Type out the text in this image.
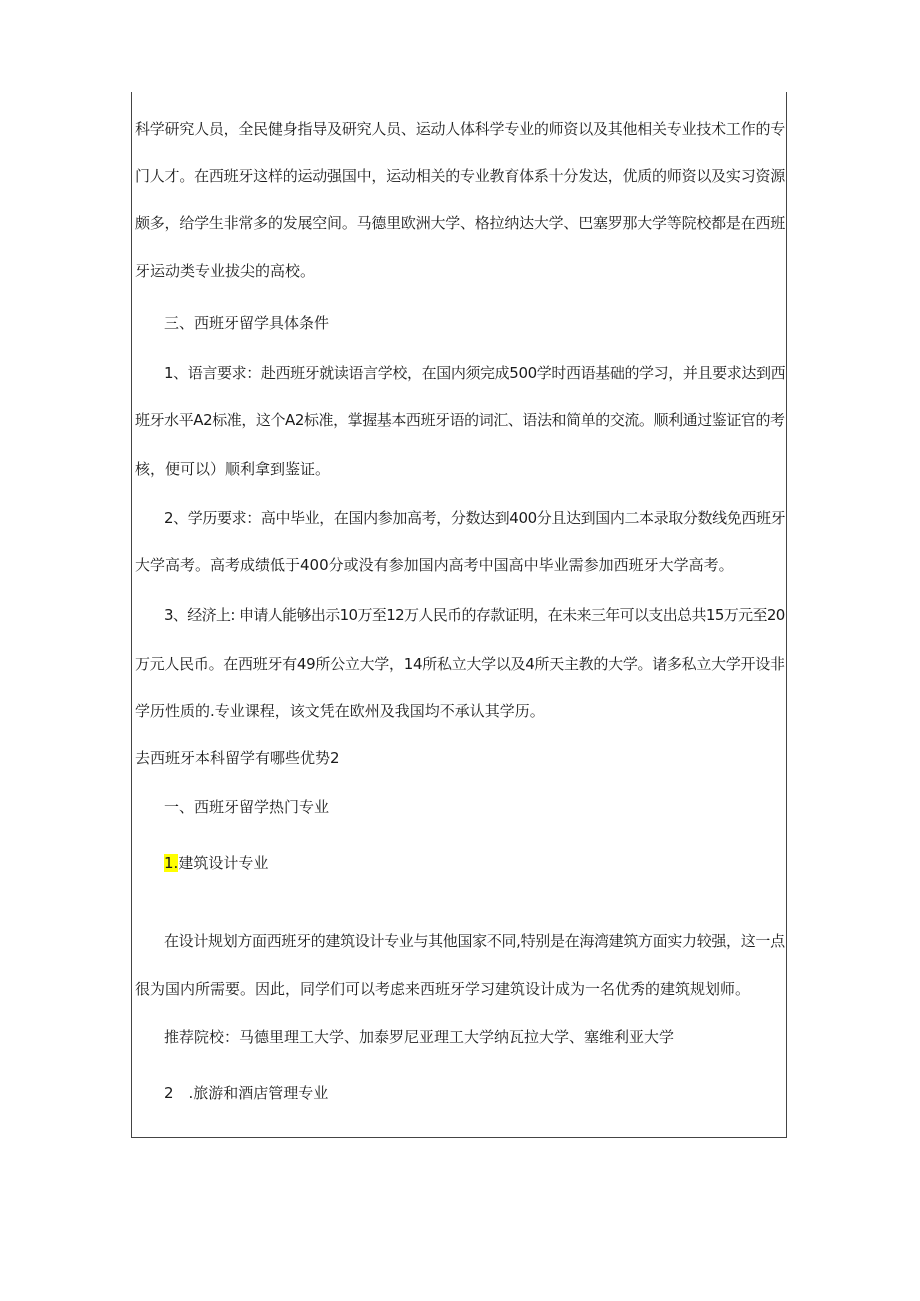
科学研究人员，全民健身指导及研究人员、运动人体科学专业的师资以及其他相关专业技术工作的专
门人才。在西班牙这样的运动强国中，运动相关的专业教育体系十分发达，优质的师资以及实习资源
颇多，给学生非常多的发展空间。马德里欧洲大学、格拉纳达大学、巴塞罗那大学等院校都是在西班
牙运动类专业拔尖的高校。
三、西班牙留学具体条件
1、语言要求：赴西班牙就读语言学校，在国内须完成500学时西语基础的学习，并且要求达到西
班牙水平A2标准，这个A2标准，掌握基本西班牙语的词汇、语法和简单的交流。顺利通过鉴证官的考
核，便可以）顺利拿到鉴证。
2、学历要求：高中毕业，在国内参加高考，分数达到400分且达到国内二本录取分数线免西班牙
大学高考。高考成绩低于400分或没有参加国内高考中国高中毕业需参加西班牙大学高考。
3、经济上: 申请人能够出示10万至12万人民币的存款证明，在未来三年可以支出总共15万元至20
万元人民币。在西班牙有49所公立大学，14所私立大学以及4所天主教的大学。诸多私立大学开设非
学历性质的.专业课程，该文凭在欧州及我国均不承认其学历。
去西班牙本科留学有哪些优势2
一、西班牙留学热门专业
1.建筑设计专业
在设计规划方面西班牙的建筑设计专业与其他国家不同,特别是在海湾建筑方面实力较强，这一点
很为国内所需要。因此，同学们可以考虑来西班牙学习建筑设计成为一名优秀的建筑规划师。
推荐院校：马德里理工大学、加泰罗尼亚理工大学纳瓦拉大学、塞维利亚大学
2　.旅游和酒店管理专业
